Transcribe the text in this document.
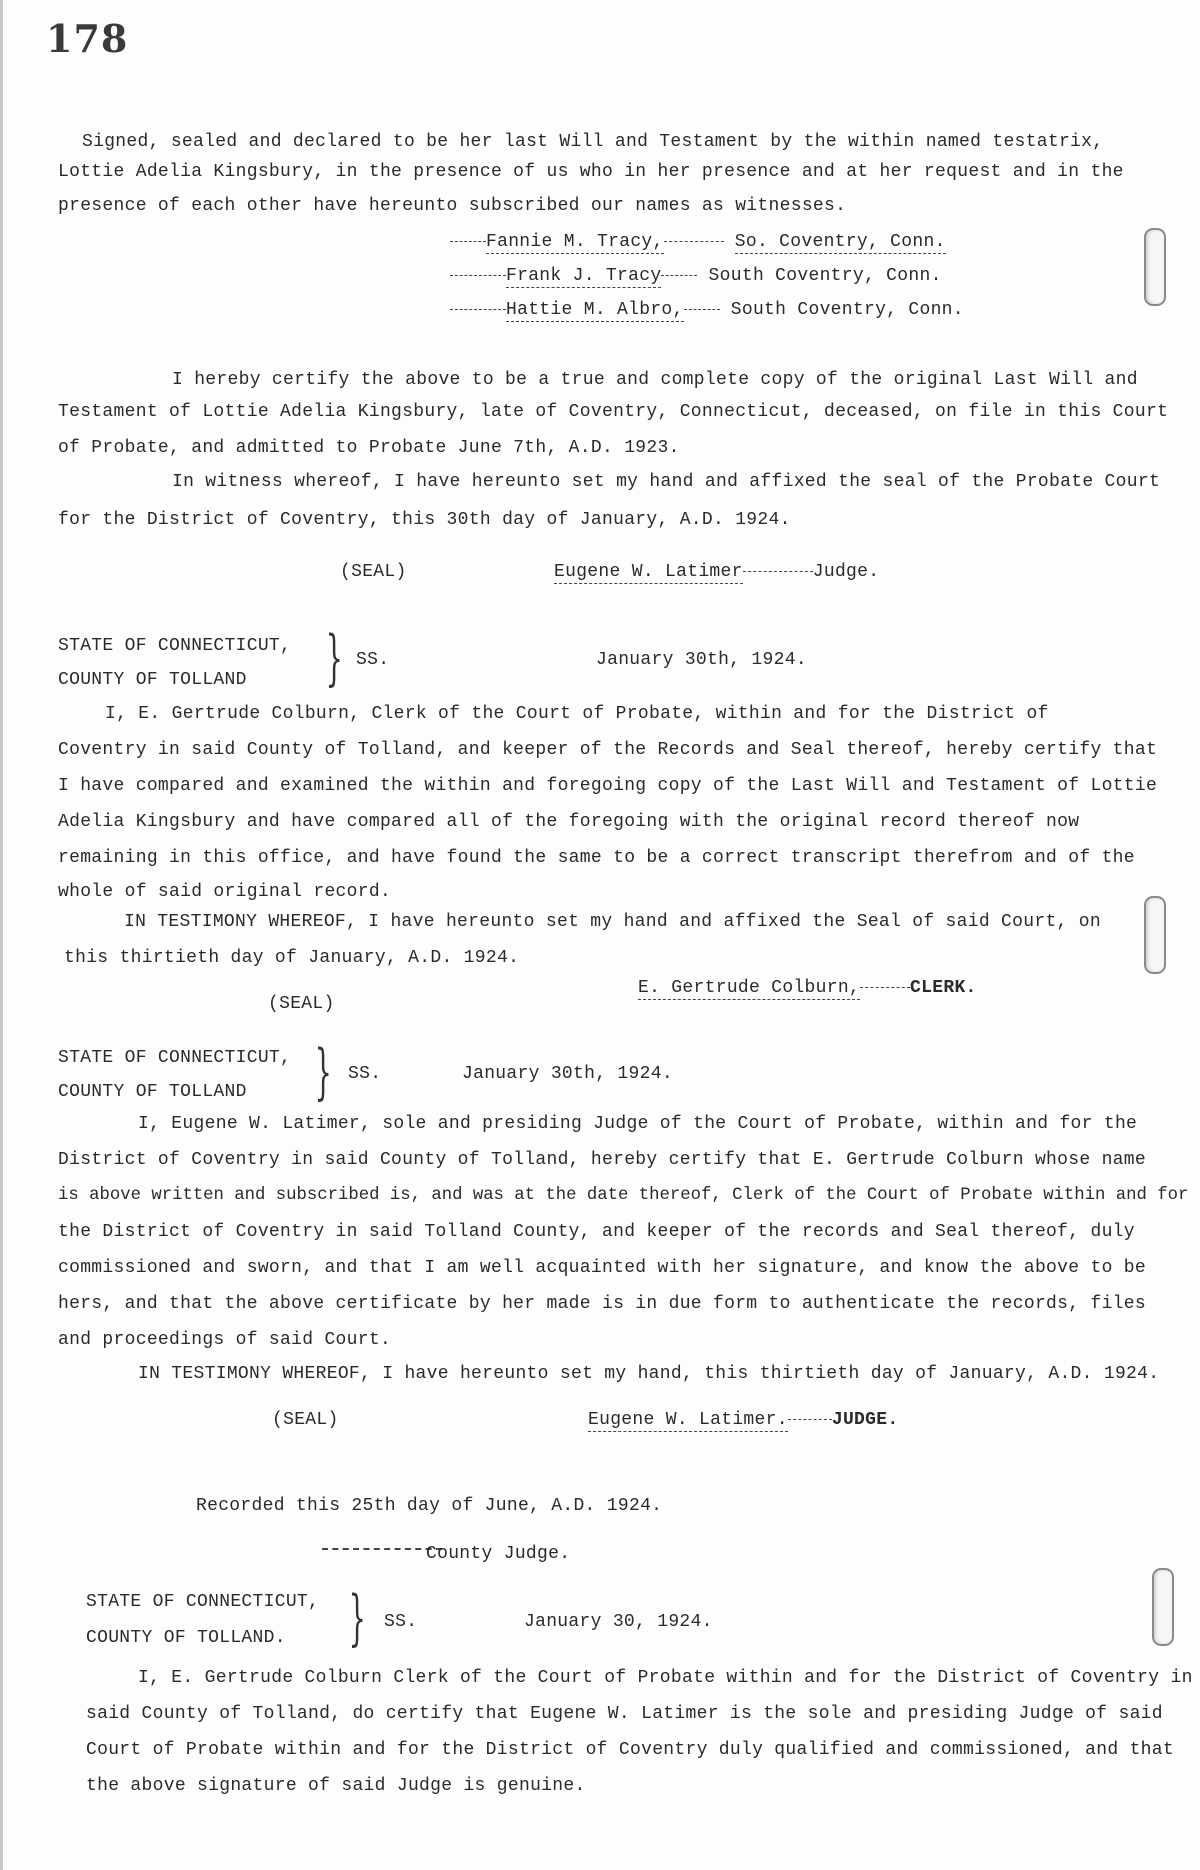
178
Signed, sealed and declared to be her last Will and Testament by the within named testatrix,
Lottie Adelia Kingsbury, in the presence of us who in her presence and at her request and in the
presence of each other have hereunto subscribed our names as witnesses.
Fannie M. Tracy,	So. Coventry, Conn.
Frank J. Tracy	South Coventry, Conn.
Hattie M. Albro,	South Coventry, Conn.
I hereby certify the above to be a true and complete copy of the original Last Will and
Testament of Lottie Adelia Kingsbury, late of Coventry, Connecticut, deceased, on file in this Court
of Probate, and admitted to Probate June 7th, A.D. 1923.
In witness whereof, I have hereunto set my hand and affixed the seal of the Probate Court
for the District of Coventry, this 30th day of January, A.D. 1924.
(SEAL)	Eugene W. Latimer	Judge.
STATE OF CONNECTICUT,
COUNTY OF TOLLAND } SS.	January 30th, 1924.
I, E. Gertrude Colburn, Clerk of the Court of Probate, within and for the District of
Coventry in said County of Tolland, and keeper of the Records and Seal thereof, hereby certify that
I have compared and examined the within and foregoing copy of the Last Will and Testament of Lottie
Adelia Kingsbury and have compared all of the foregoing with the original record thereof now
remaining in this office, and have found the same to be a correct transcript therefrom and of the
whole of said original record.
IN TESTIMONY WHEREOF, I have hereunto set my hand and affixed the Seal of said Court, on
this thirtieth day of January, A.D. 1924.
E. Gertrude Colburn,	CLERK.
(SEAL)
STATE OF CONNECTICUT,
COUNTY OF TOLLAND } SS.	January 30th, 1924.
I, Eugene W. Latimer, sole and presiding Judge of the Court of Probate, within and for the
District of Coventry in said County of Tolland, hereby certify that E. Gertrude Colburn whose name
is above written and subscribed is, and was at the date thereof, Clerk of the Court of Probate within and for
the District of Coventry in said Tolland County, and keeper of the records and Seal thereof, duly
commissioned and sworn, and that I am well acquainted with her signature, and know the above to be
hers, and that the above certificate by her made is in due form to authenticate the records, files
and proceedings of said Court.
IN TESTIMONY WHEREOF, I have hereunto set my hand, this thirtieth day of January, A.D. 1924.
(SEAL)	Eugene W. Latimer. JUDGE.
Recorded this 25th day of June, A.D. 1924.
County Judge.
STATE OF CONNECTICUT,
COUNTY OF TOLLAND. } SS.	January 30, 1924.
I, E. Gertrude Colburn Clerk of the Court of Probate within and for the District of Coventry in
said County of Tolland, do certify that Eugene W. Latimer is the sole and presiding Judge of said
Court of Probate within and for the District of Coventry duly qualified and commissioned, and that
the above signature of said Judge is genuine.
